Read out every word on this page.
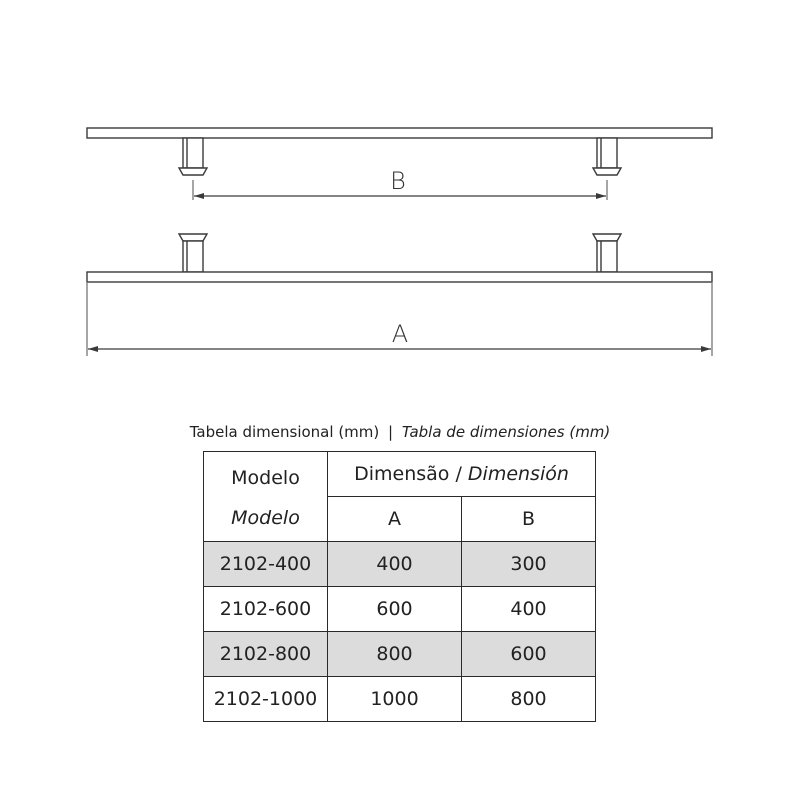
B
A
Tabela dimensional (mm) | Tabla de dimensiones (mm)
Modelo
Modelo	Dimensão / Dimensión	
	A	B
2102-400	400	300
2102-600	600	400
2102-800	800	600
2102-1000	1000	800
